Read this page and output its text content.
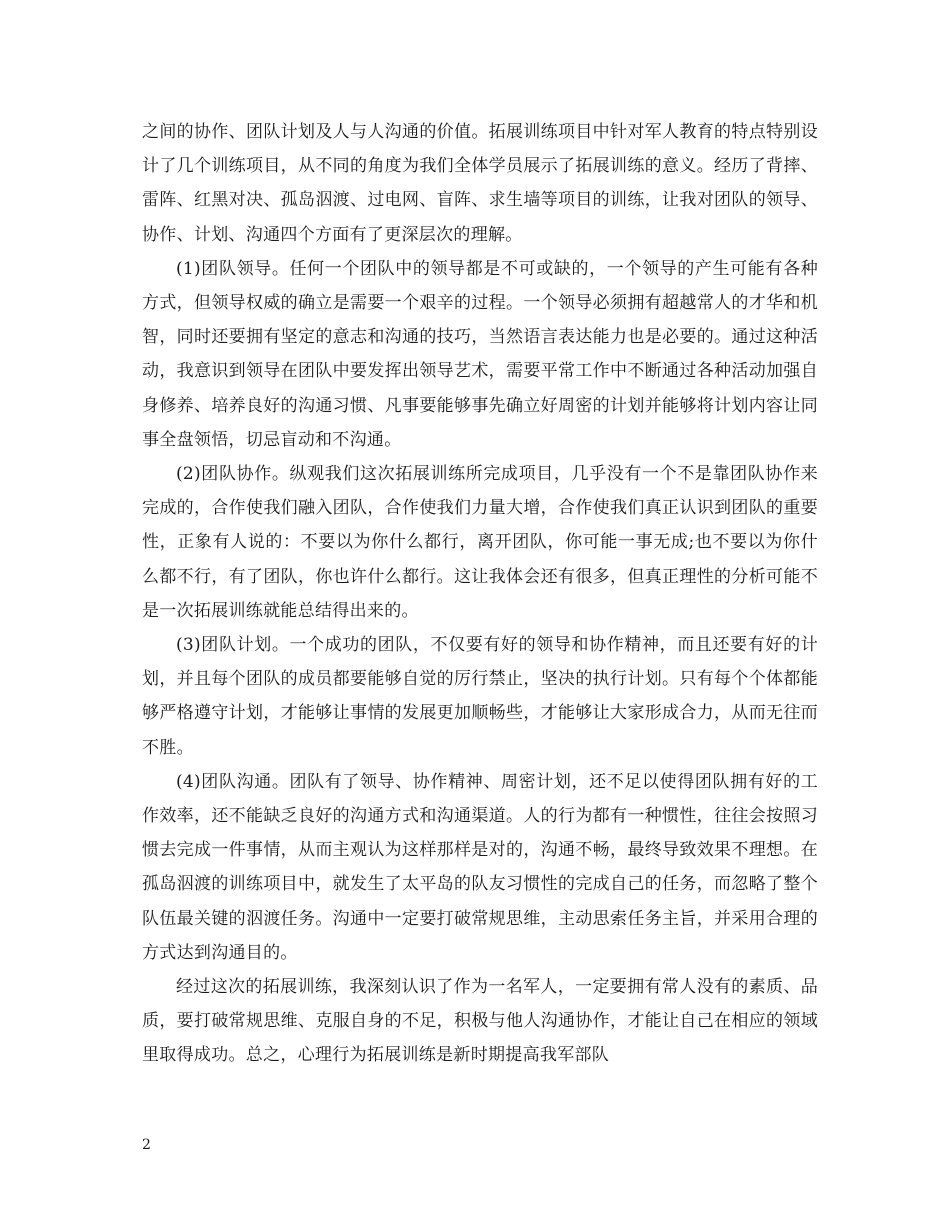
之间的协作、团队计划及人与人沟通的价值。拓展训练项目中针对军人教育的特点特别设计了几个训练项目，从不同的角度为我们全体学员展示了拓展训练的意义。经历了背摔、雷阵、红黑对决、孤岛泅渡、过电网、盲阵、求生墙等项目的训练，让我对团队的领导、协作、计划、沟通四个方面有了更深层次的理解。

(1)团队领导。任何一个团队中的领导都是不可或缺的，一个领导的产生可能有各种方式，但领导权威的确立是需要一个艰辛的过程。一个领导必须拥有超越常人的才华和机智，同时还要拥有坚定的意志和沟通的技巧，当然语言表达能力也是必要的。通过这种活动，我意识到领导在团队中要发挥出领导艺术，需要平常工作中不断通过各种活动加强自身修养、培养良好的沟通习惯、凡事要能够事先确立好周密的计划并能够将计划内容让同事全盘领悟，切忌盲动和不沟通。

(2)团队协作。纵观我们这次拓展训练所完成项目，几乎没有一个不是靠团队协作来完成的，合作使我们融入团队，合作使我们力量大增，合作使我们真正认识到团队的重要性，正象有人说的：不要以为你什么都行，离开团队，你可能一事无成;也不要以为你什么都不行，有了团队，你也许什么都行。这让我体会还有很多，但真正理性的分析可能不是一次拓展训练就能总结得出来的。

(3)团队计划。一个成功的团队，不仅要有好的领导和协作精神，而且还要有好的计划，并且每个团队的成员都要能够自觉的厉行禁止，坚决的执行计划。只有每个个体都能够严格遵守计划，才能够让事情的发展更加顺畅些，才能够让大家形成合力，从而无往而不胜。

(4)团队沟通。团队有了领导、协作精神、周密计划，还不足以使得团队拥有好的工作效率，还不能缺乏良好的沟通方式和沟通渠道。人的行为都有一种惯性，往往会按照习惯去完成一件事情，从而主观认为这样那样是对的，沟通不畅，最终导致效果不理想。在孤岛泅渡的训练项目中，就发生了太平岛的队友习惯性的完成自己的任务，而忽略了整个队伍最关键的泅渡任务。沟通中一定要打破常规思维，主动思索任务主旨，并采用合理的方式达到沟通目的。

经过这次的拓展训练，我深刻认识了作为一名军人，一定要拥有常人没有的素质、品质，要打破常规思维、克服自身的不足，积极与他人沟通协作，才能让自己在相应的领域里取得成功。总之，心理行为拓展训练是新时期提高我军部队

2
